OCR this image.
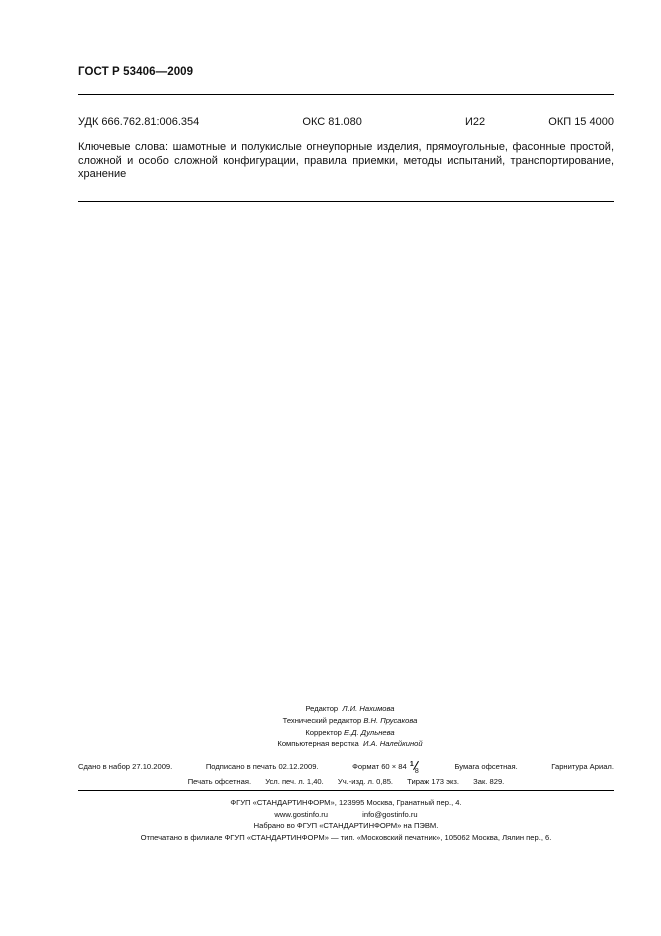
ГОСТ Р 53406—2009
УДК 666.762.81:006.354	ОКС 81.080	И22	ОКП 15 4000
Ключевые слова: шамотные и полукислые огнеупорные изделия, прямоугольные, фасонные простой, сложной и особо сложной конфигурации, правила приемки, методы испытаний, транспортирование, хранение
Редактор Л.И. Нахимова
Технический редактор В.Н. Прусакова
Корректор Е.Д. Дульнева
Компьютерная верстка И.А. Налейкиной
Сдано в набор 27.10.2009.	Подписано в печать 02.12.2009.	Формат 60 × 84 1
8
Бумага офсетная.	Гарнитура Ариал.
Печать офсетная. Усл. печ. л. 1,40. Уч.-изд. л. 0,85. Тираж 173 экз. Зак. 829.
ФГУП «СТАНДАРТИНФОРМ», 123995 Москва, Гранатный пер., 4.
www.gostinfo.ru	info@gostinfo.ru
Набрано во ФГУП «СТАНДАРТИНФОРМ» на ПЭВМ.
Отпечатано в филиале ФГУП «СТАНДАРТИНФОРМ» — тип. «Московский печатник», 105062 Москва, Лялин пер., 6.
